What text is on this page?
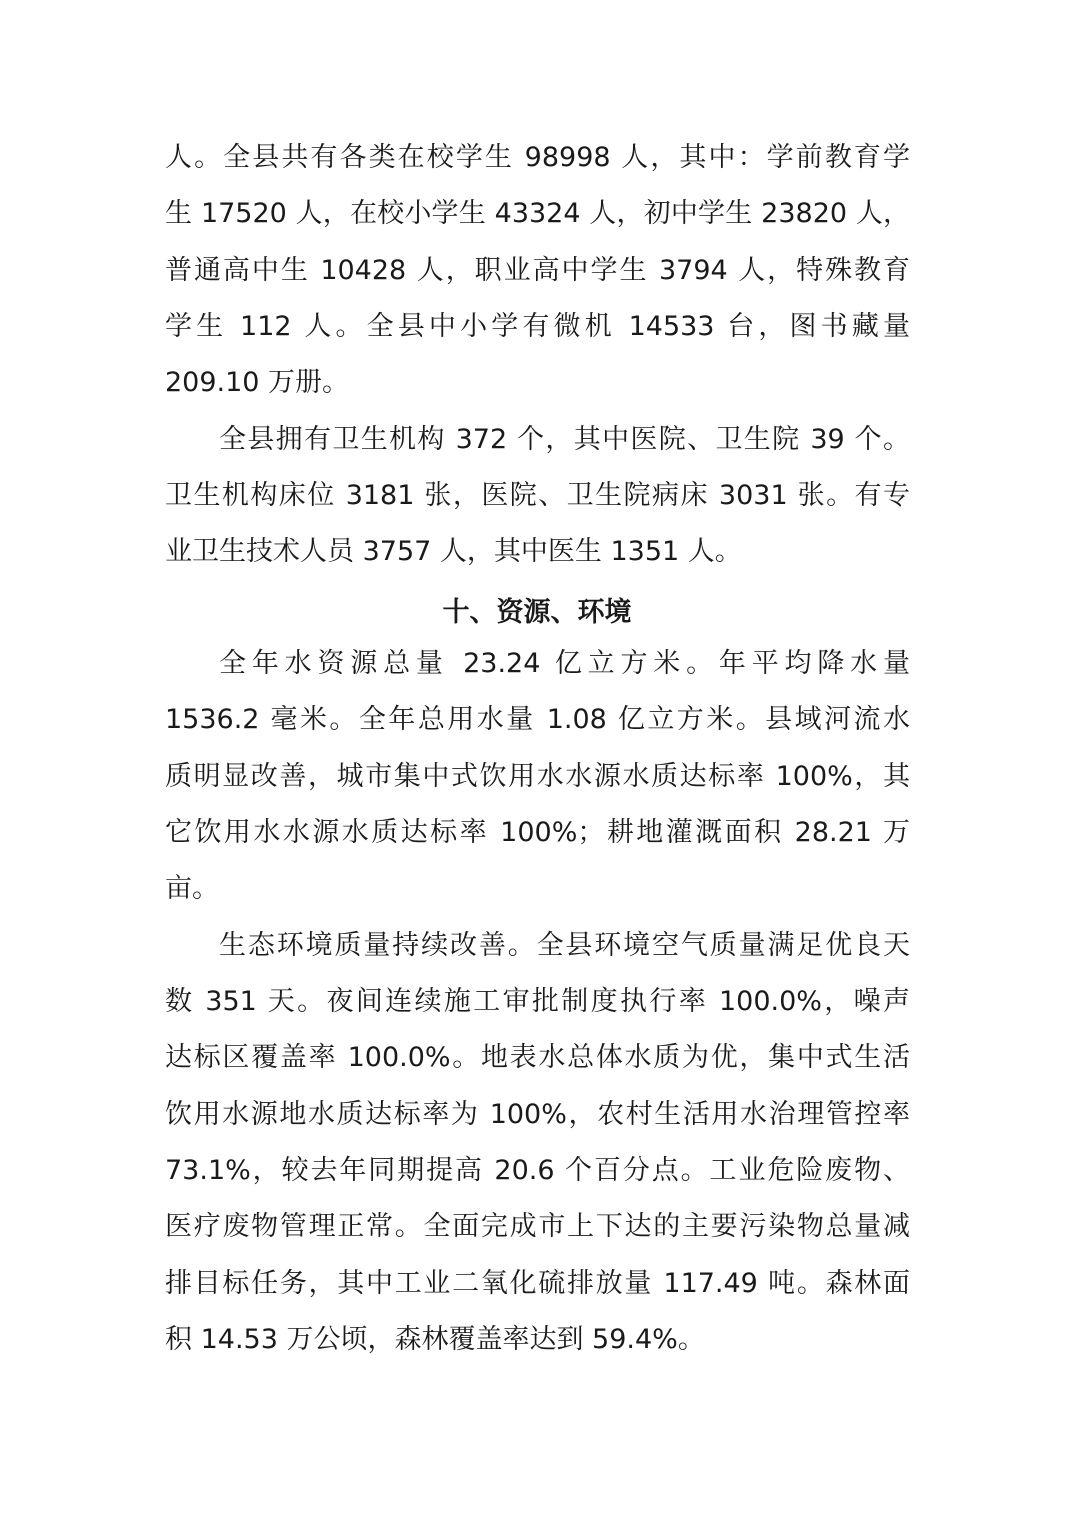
人。全县共有各类在校学生 98998 人，其中：学前教育学
生 17520 人，在校小学生 43324 人，初中学生 23820 人，
普通高中生 10428 人，职业高中学生 3794 人，特殊教育
学生 112 人。全县中小学有微机 14533 台，图书藏量
209.10 万册。
全县拥有卫生机构 372 个，其中医院、卫生院 39 个。
卫生机构床位 3181 张，医院、卫生院病床 3031 张。有专
业卫生技术人员 3757 人，其中医生 1351 人。
十、资源、环境
全年水资源总量 23.24 亿立方米。年平均降水量
1536.2 毫米。全年总用水量 1.08 亿立方米。县域河流水
质明显改善，城市集中式饮用水水源水质达标率 100%，其
它饮用水水源水质达标率 100%；耕地灌溉面积 28.21 万
亩。
生态环境质量持续改善。全县环境空气质量满足优良天
数 351 天。夜间连续施工审批制度执行率 100.0%，噪声
达标区覆盖率 100.0%。地表水总体水质为优，集中式生活
饮用水源地水质达标率为 100%，农村生活用水治理管控率
73.1%，较去年同期提高 20.6 个百分点。工业危险废物、
医疗废物管理正常。全面完成市上下达的主要污染物总量减
排目标任务，其中工业二氧化硫排放量 117.49 吨。森林面
积 14.53 万公顷，森林覆盖率达到 59.4%。
